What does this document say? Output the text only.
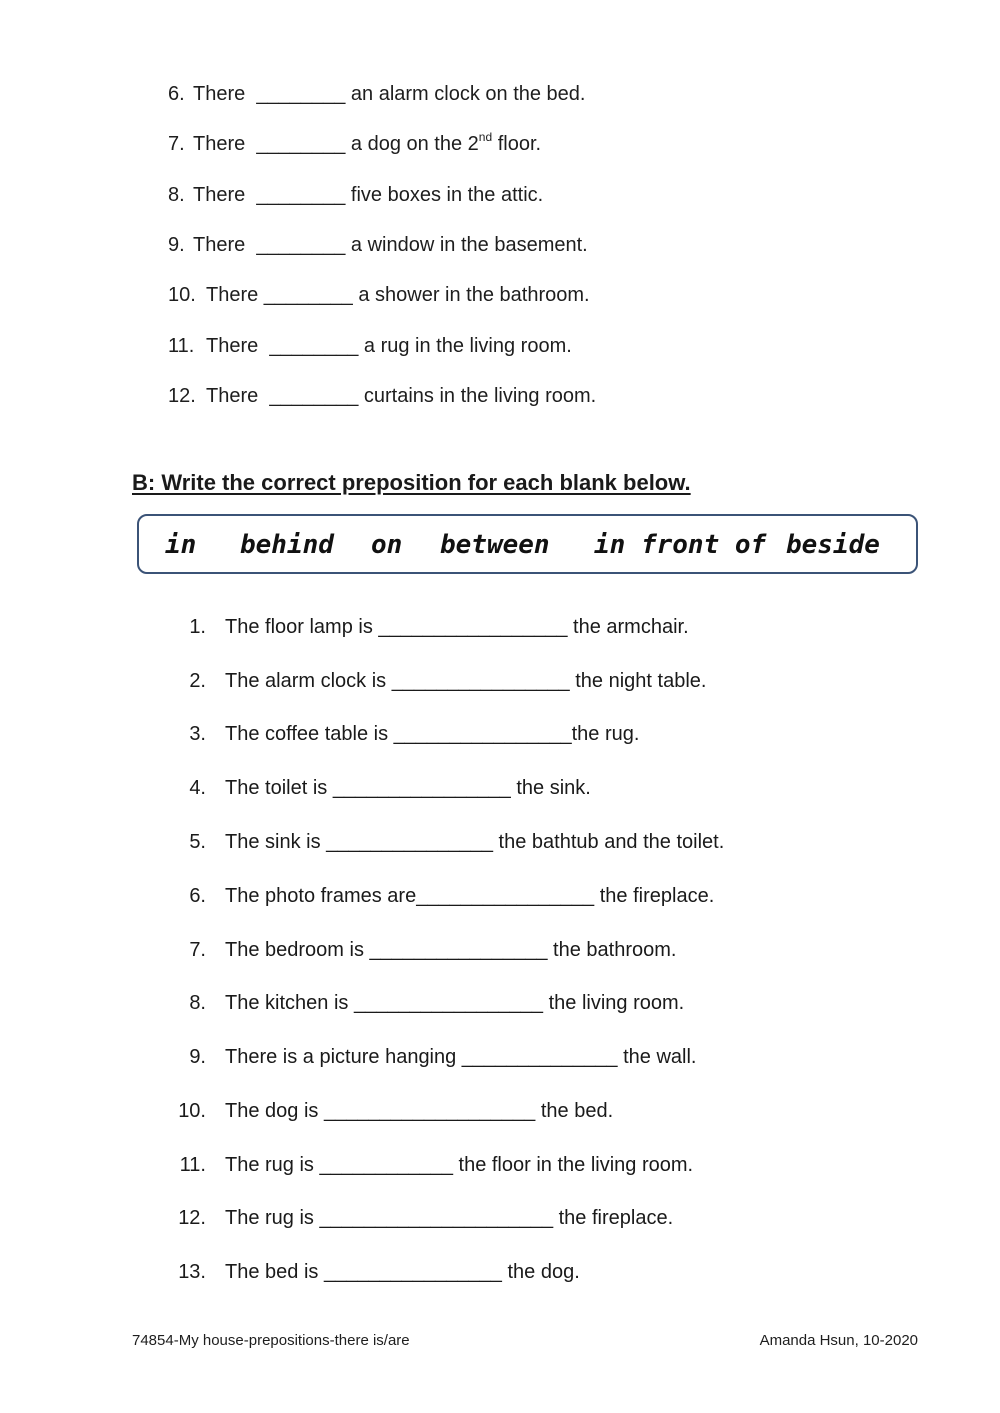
6. There  ________ an alarm clock on the bed.
7. There  ________ a dog on the 2nd floor.
8. There  ________ five boxes in the attic.
9. There  ________ a window in the basement.
10. There ________ a shower in the bathroom.
11. There  ________ a rug in the living room.
12. There  ________ curtains in the living room.
B: Write the correct preposition for each blank below.
in behind on between in front of beside
1. The floor lamp is _________________ the armchair.
2. The alarm clock is ________________ the night table.
3. The coffee table is ________________the rug.
4. The toilet is ________________ the sink.
5. The sink is _______________ the bathtub and the toilet.
6. The photo frames are________________ the fireplace.
7. The bedroom is ________________ the bathroom.
8. The kitchen is _________________ the living room.
9. There is a picture hanging ______________ the wall.
10. The dog is ___________________ the bed.
11. The rug is ____________ the floor in the living room.
12. The rug is _____________________ the fireplace.
13. The bed is ________________ the dog.
74854-My house-prepositions-there is/are	Amanda Hsun, 10-2020
